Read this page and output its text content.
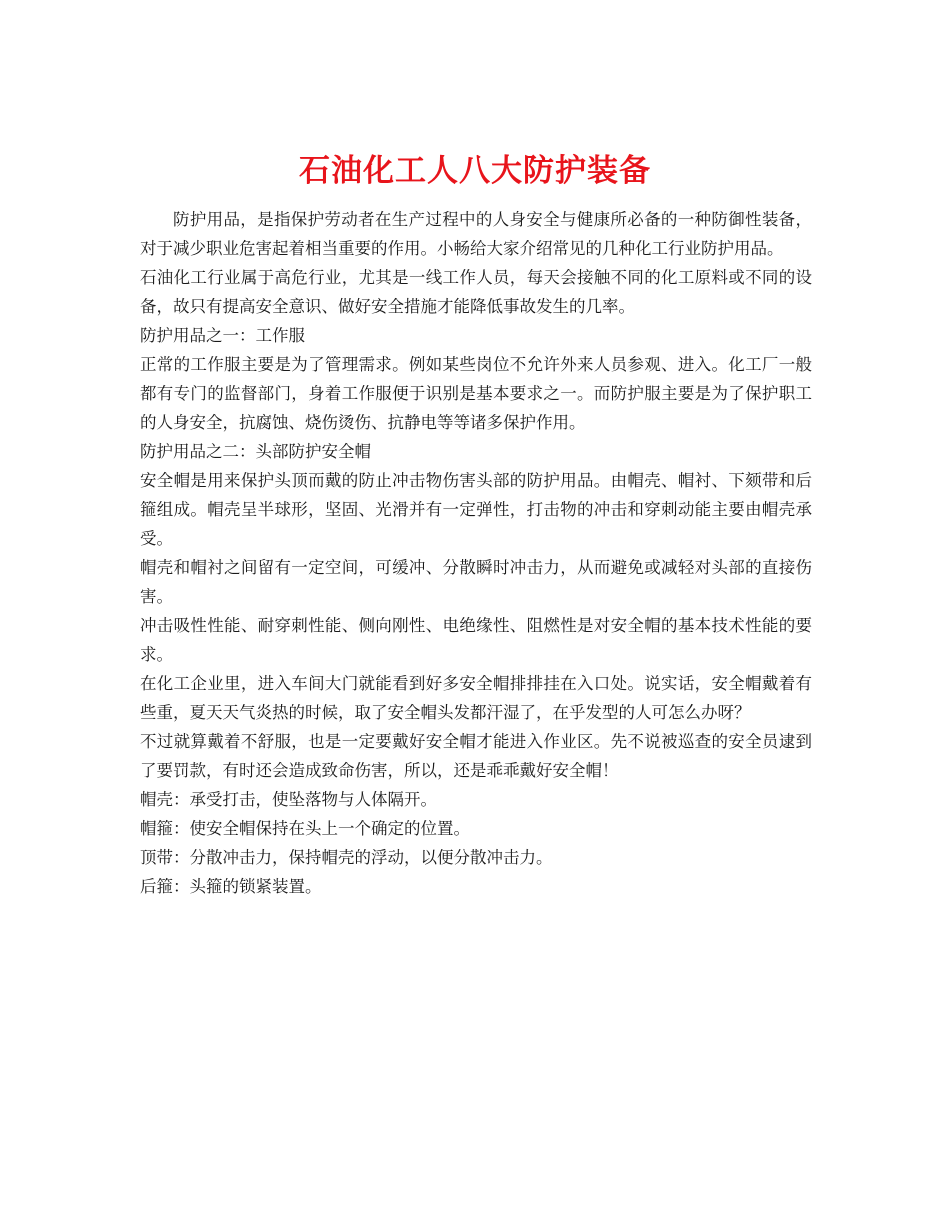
石油化工人八大防护装备

防护用品，是指保护劳动者在生产过程中的人身安全与健康所必备的一种防御性装备，对于减少职业危害起着相当重要的作用。小畅给大家介绍常见的几种化工行业防护用品。

石油化工行业属于高危行业，尤其是一线工作人员，每天会接触不同的化工原料或不同的设备，故只有提高安全意识、做好安全措施才能降低事故发生的几率。

防护用品之一：工作服

正常的工作服主要是为了管理需求。例如某些岗位不允许外来人员参观、进入。化工厂一般都有专门的监督部门，身着工作服便于识别是基本要求之一。而防护服主要是为了保护职工的人身安全，抗腐蚀、烧伤烫伤、抗静电等等诸多保护作用。

防护用品之二：头部防护安全帽

安全帽是用来保护头顶而戴的防止冲击物伤害头部的防护用品。由帽壳、帽衬、下颏带和后箍组成。帽壳呈半球形，坚固、光滑并有一定弹性，打击物的冲击和穿刺动能主要由帽壳承受。

帽壳和帽衬之间留有一定空间，可缓冲、分散瞬时冲击力，从而避免或减轻对头部的直接伤害。

冲击吸性性能、耐穿刺性能、侧向刚性、电绝缘性、阻燃性是对安全帽的基本技术性能的要求。

在化工企业里，进入车间大门就能看到好多安全帽排排挂在入口处。说实话，安全帽戴着有些重，夏天天气炎热的时候，取了安全帽头发都汗湿了，在乎发型的人可怎么办呀？

不过就算戴着不舒服，也是一定要戴好安全帽才能进入作业区。先不说被巡查的安全员逮到了要罚款，有时还会造成致命伤害，所以，还是乖乖戴好安全帽！

帽壳：承受打击，使坠落物与人体隔开。

帽箍：使安全帽保持在头上一个确定的位置。

顶带：分散冲击力，保持帽壳的浮动，以便分散冲击力。

后箍：头箍的锁紧装置。
